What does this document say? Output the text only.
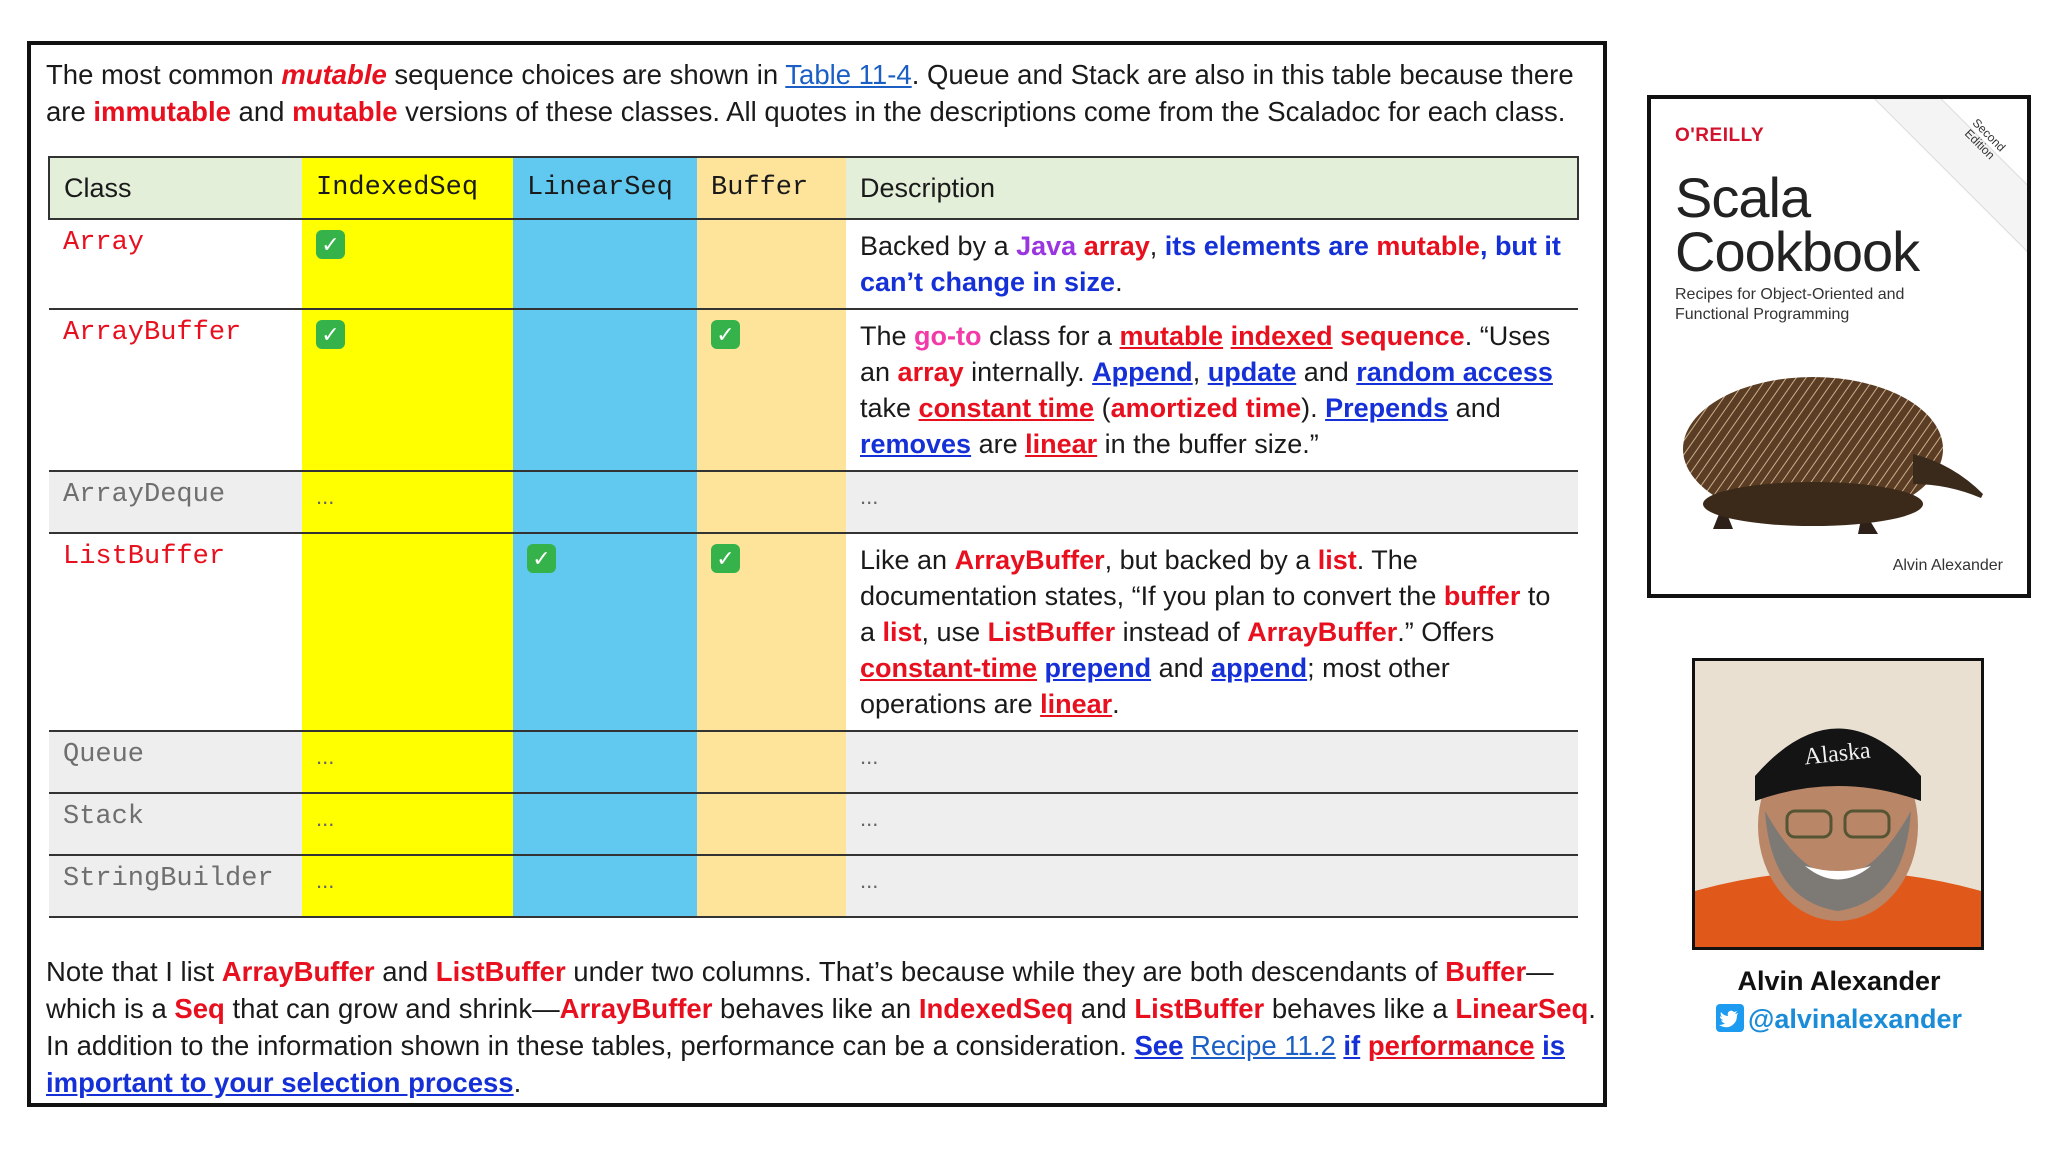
The most common mutable sequence choices are shown in Table 11-4. Queue and Stack are also in this table because there are immutable and mutable versions of these classes. All quotes in the descriptions come from the Scaladoc for each class.
Class	IndexedSeq	LinearSeq	Buffer	Description
Array	✓			Backed by a Java array, its elements are mutable, but it can’t change in size.
ArrayBuffer	✓		✓	The go-to class for a mutable indexed sequence. “Uses an array internally. Append, update and random access take constant time (amortized time). Prepends and removes are linear in the buffer size.”
ArrayDeque	...			...
ListBuffer		✓	✓	Like an ArrayBuffer, but backed by a list. The documentation states, “If you plan to convert the buffer to a list, use ListBuffer instead of ArrayBuffer.” Offers constant-time prepend and append; most other operations are linear.
Queue	...			...
Stack	...			...
StringBuilder	...			...
Note that I list ArrayBuffer and ListBuffer under two columns. That’s because while they are both descendants of Buffer—which is a Seq that can grow and shrink—ArrayBuffer behaves like an IndexedSeq and ListBuffer behaves like a LinearSeq.
In addition to the information shown in these tables, performance can be a consideration. See Recipe 11.2 if performance is important to your selection process.
Second Edition
O'REILLY
Scala
Cookbook
Recipes for Object-Oriented and
Functional Programming
Alvin Alexander
Alaska
Alvin Alexander
@alvinalexander
